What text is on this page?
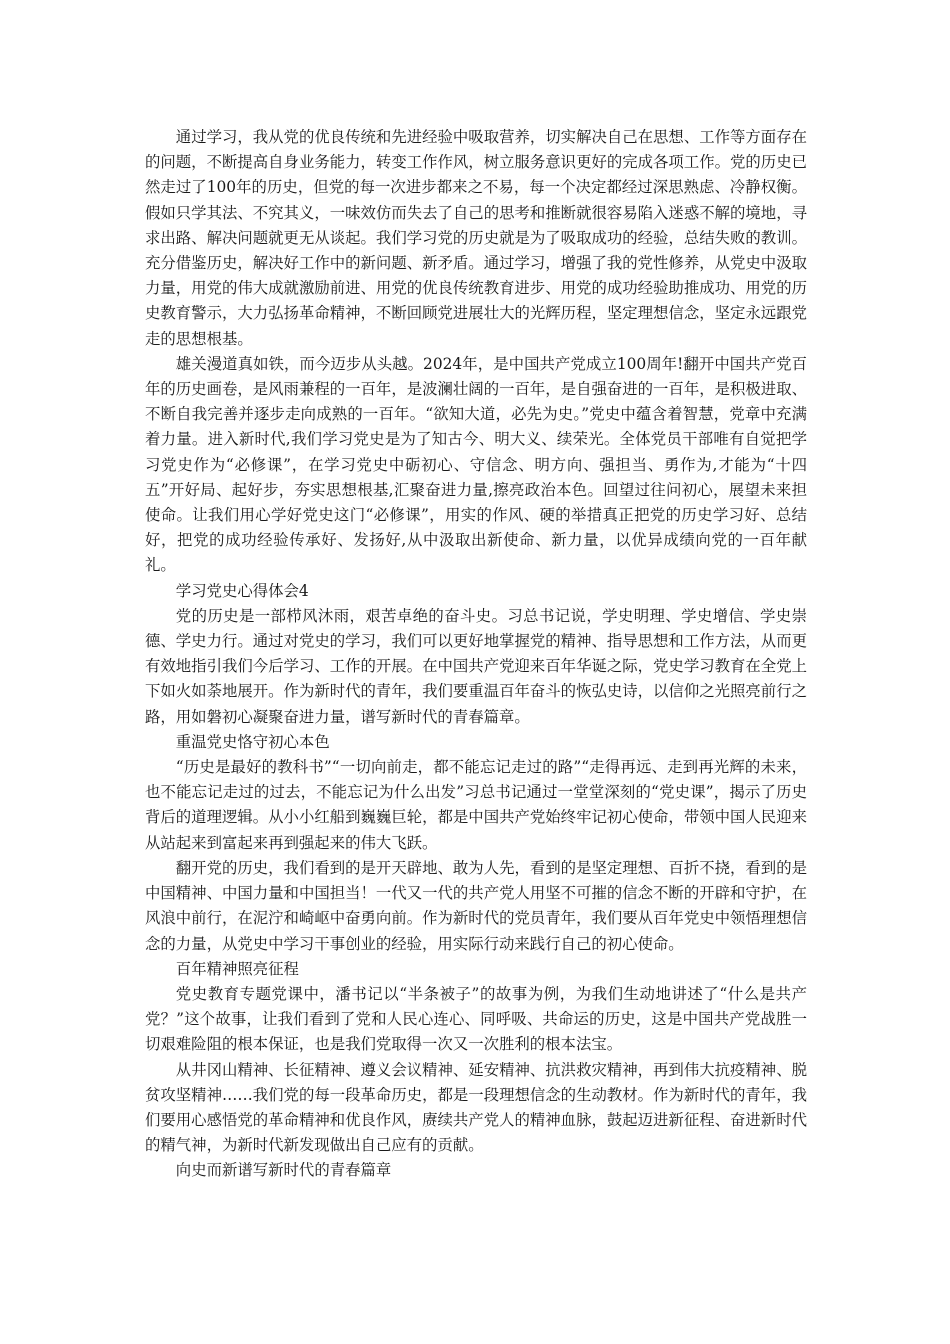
通过学习，我从党的优良传统和先进经验中吸取营养，切实解决自己在思想、工作等方面存在的问题，不断提高自身业务能力，转变工作作风，树立服务意识更好的完成各项工作。党的历史已然走过了100年的历史，但党的每一次进步都来之不易，每一个决定都经过深思熟虑、冷静权衡。假如只学其法、不究其义，一味效仿而失去了自己的思考和推断就很容易陷入迷惑不解的境地，寻求出路、解决问题就更无从谈起。我们学习党的历史就是为了吸取成功的经验，总结失败的教训。充分借鉴历史，解决好工作中的新问题、新矛盾。通过学习，增强了我的党性修养，从党史中汲取力量，用党的伟大成就激励前进、用党的优良传统教育进步、用党的成功经验助推成功、用党的历史教育警示，大力弘扬革命精神，不断回顾党进展壮大的光辉历程，坚定理想信念，坚定永远跟党走的思想根基。

雄关漫道真如铁，而今迈步从头越。2024年，是中国共产党成立100周年!翻开中国共产党百年的历史画卷，是风雨兼程的一百年，是波澜壮阔的一百年，是自强奋进的一百年，是积极进取、不断自我完善并逐步走向成熟的一百年。“欲知大道，必先为史。”党史中蕴含着智慧，党章中充满着力量。进入新时代,我们学习党史是为了知古今、明大义、续荣光。全体党员干部唯有自觉把学习党史作为“必修课”，在学习党史中砺初心、守信念、明方向、强担当、勇作为,才能为“十四五”开好局、起好步，夯实思想根基,汇聚奋进力量,擦亮政治本色。回望过往问初心，展望未来担使命。让我们用心学好党史这门“必修课”，用实的作风、硬的举措真正把党的历史学习好、总结好，把党的成功经验传承好、发扬好,从中汲取出新使命、新力量，以优异成绩向党的一百年献礼。

学习党史心得体会4

党的历史是一部栉风沐雨，艰苦卓绝的奋斗史。习总书记说，学史明理、学史增信、学史崇德、学史力行。通过对党史的学习，我们可以更好地掌握党的精神、指导思想和工作方法，从而更有效地指引我们今后学习、工作的开展。在中国共产党迎来百年华诞之际，党史学习教育在全党上下如火如荼地展开。作为新时代的青年，我们要重温百年奋斗的恢弘史诗，以信仰之光照亮前行之路，用如磐初心凝聚奋进力量，谱写新时代的青春篇章。

重温党史恪守初心本色

“历史是最好的教科书”“一切向前走，都不能忘记走过的路”“走得再远、走到再光辉的未来，也不能忘记走过的过去，不能忘记为什么出发”习总书记通过一堂堂深刻的“党史课”，揭示了历史背后的道理逻辑。从小小红船到巍巍巨轮，都是中国共产党始终牢记初心使命，带领中国人民迎来从站起来到富起来再到强起来的伟大飞跃。

翻开党的历史，我们看到的是开天辟地、敢为人先，看到的是坚定理想、百折不挠，看到的是中国精神、中国力量和中国担当！一代又一代的共产党人用坚不可摧的信念不断的开辟和守护，在风浪中前行，在泥泞和崎岖中奋勇向前。作为新时代的党员青年，我们要从百年党史中领悟理想信念的力量，从党史中学习干事创业的经验，用实际行动来践行自己的初心使命。

百年精神照亮征程

党史教育专题党课中，潘书记以“半条被子”的故事为例，为我们生动地讲述了“什么是共产党？”这个故事，让我们看到了党和人民心连心、同呼吸、共命运的历史，这是中国共产党战胜一切艰难险阻的根本保证，也是我们党取得一次又一次胜利的根本法宝。

从井冈山精神、长征精神、遵义会议精神、延安精神、抗洪救灾精神，再到伟大抗疫精神、脱贫攻坚精神……我们党的每一段革命历史，都是一段理想信念的生动教材。作为新时代的青年，我们要用心感悟党的革命精神和优良作风，赓续共产党人的精神血脉，鼓起迈进新征程、奋进新时代的精气神，为新时代新发现做出自己应有的贡献。

向史而新谱写新时代的青春篇章
